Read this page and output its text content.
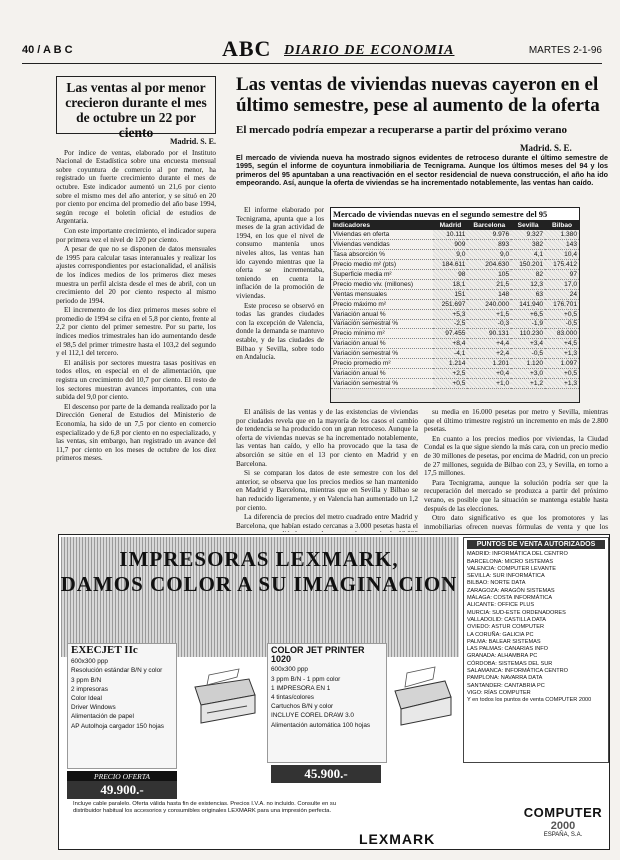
40 / A B C	ABC DIARIO DE ECONOMIA	MARTES 2-1-96
Las ventas al por menor crecieron durante el mes de octubre un 22 por ciento
Madrid. S. E.

Por índice de ventas, elaborado por el Instituto Nacional de Estadística sobre una encuesta mensual sobre coyuntura de comercio al por menor, ha registrado un fuerte crecimiento durante el mes de octubre. Este indicador aumentó un 21,6 por ciento sobre el mismo mes del año anterior, y se situó en 20 por ciento por encima del promedio del año base 1994, según recoge el boletín oficial de estudios de Argentaria.

Con este importante crecimiento, el indicador supera por primera vez el nivel de 120 por ciento.

A pesar de que no se disponen de datos mensuales de 1995 para calcular tasas interanuales y realizar los ajustes correspondientes por estacionalidad, el análisis de los índices medios de los primeros diez meses muestra un perfil alcista desde el mes de abril, con un crecimiento del 20 por ciento respecto al mismo periodo de 1994.

El incremento de los diez primeros meses sobre el promedio de 1994 se cifra en el 5,8 por ciento, frente al 2,2 por ciento del primer semestre. Por su parte, los índices medios trimestrales han ido aumentando desde el 98,5 del primer trimestre hasta el 103,2 del segundo y el 112,1 del tercero.

El análisis por sectores muestra tasas positivas en todos ellos, en especial en el de alimentación, que registra un crecimiento del 10,7 por ciento. El resto de los sectores muestran avances importantes, con una subida del 9,0 por ciento.

El descenso por parte de la demanda realizado por la Dirección General de Estudios del Ministerio de Economía, ha sido de un 7,5 por ciento en comercio especializado y de 6,8 por ciento en no especializado, y las ventas, sin embargo, han registrado un avance del 11,7 por ciento en los meses de octubre de los diez primeros meses.

Las ventas de viviendas nuevas cayeron en el último semestre, pese al aumento de la oferta
El mercado podría empezar a recuperarse a partir del próximo verano
Madrid. S. E.
El mercado de vivienda nueva ha mostrado signos evidentes de retroceso durante el último semestre de 1995, según el informe de coyuntura inmobiliaria de Tecnigrama. Aunque los últimos meses del 94 y los primeros del 95 apuntaban a una reactivación en el sector residencial de nueva construcción, el año ha ido empeorando. Así, aunque la oferta de viviendas se ha incrementado notablemente, las ventas han caído.

El informe elaborado por Tecnigrama, apunta que a los meses de la gran actividad de 1994, en los que el nivel de consumo mantenía unos niveles altos, las ventas han ido cayendo mientras que la oferta se incrementaba, teniendo en cuenta la inflación de la promoción de viviendas.

Este proceso se observó en todas las grandes ciudades con la excepción de Valencia, donde la demanda se mantuvo estable, y de las ciudades de Bilbao y Sevilla, sobre todo en Andalucía.

Mercado de viviendas nuevas en el segundo semestre del 95
Indicadores	Madrid	Barcelona	Sevilla	Bilbao
Viviendas en oferta	10.111	9.976	9.327	1.380
Viviendas vendidas	909	893	382	143
Tasa absorción %	9,0	9,0	4,1	10,4
Precio medio m² (pts)	184.611	204.630	150.201	175.412
Superficie media m²	98	105	82	97
Precio medio viv. (millones)	18,1	21,5	12,3	17,0
Ventas mensuales	151	148	63	24
Precio máximo m²	251.697	240.000	141.940	176.701
Variación anual %	+5,3	+1,5	+6,5	+0,5
Variación semestral %	-2,5	-0,3	-1,9	-0,5
Precio mínimo m²	97.455	90.131	110.230	83.000
Variación anual %	+8,4	+4,4	+3,4	+4,5
Variación semestral %	-4,1	+2,4	-0,5	+1,3
Precio promedio m²	1.214	1.201	1.120	1.097
Variación anual %	+2,5	+0,4	+3,0	+0,5
Variación semestral %	+0,5	+1,0	+1,2	+1,3

El análisis de las ventas y de las existencias de viviendas por ciudades revela que en la mayoría de los casos el cambio de tendencia se ha producido con un gran retroceso. Aunque la oferta de viviendas nuevas se ha incrementado notablemente, las ventas han caído, y ello ha provocado que la tasa de absorción se sitúe en el 13 por ciento en Madrid y en Barcelona.

Si se comparan los datos de este semestre con los del anterior, se observa que los precios medios se han mantenido en Madrid y Barcelona, mientras que en Sevilla y Bilbao se han reducido ligeramente, y en Valencia han aumentado un 1,2 por ciento.

La diferencia de precios del metro cuadrado entre Madrid y Barcelona, que habían estado cercanas a 3.000 pesetas hasta el

su media en 16.000 pesetas por metro y Sevilla, mientras que el último trimestre registró un incremento en más de 2.800 pesetas.

En cuanto a los precios medios por viviendas, la Ciudad Condal es la que sigue siendo la más cara, con un precio medio de 30 millones de pesetas, por encima de Madrid, con un precio de 27 millones, seguida de Bilbao con 23, y Sevilla, en torno a 17,5 millones.

Para Tecnigrama, aunque la solución podría ser que la recuperación del mercado se produzca a partir del próximo verano, es posible que la situación se mantenga estable hasta después de las elecciones.

Otro dato significativo es que los promotores y las inmobiliarias ofrecen nuevas fórmulas de venta y que los

IMPRESORAS LEXMARK,
DAMOS COLOR A SU IMAGINACION
EXECJET IIc
600x300 ppp
Resolución estándar B/N y color
3 ppm B/N
2 impresoras
Color Ideal
Driver Windows
Alimentación de papel
AP Autolhoja cargador 150 hojas
PRECIO OFERTA
49.900.-
COLOR JET PRINTER 1020
600x300 ppp
3 ppm B/N - 1 ppm color
1 IMPRESORA EN 1
4 tintas/colores
Cartuchos B/N y color
INCLUYE COREL DRAW 3.0
Alimentación automática 100 hojas
45.900.-
Incluye cable paralelo. Oferta válida hasta fin de existencias. Precios I.V.A. no incluido. Consulte en su distribuidor habitual los accesorios y consumibles originales LEXMARK para una impresión perfecta.
LEXMARK
PUNTOS DE VENTA AUTORIZADOS
MADRID: INFORMÁTICA DEL CENTRO
BARCELONA: MICRO SISTEMAS
VALENCIA: COMPUTER LEVANTE
SEVILLA: SUR INFORMÁTICA
BILBAO: NORTE DATA
ZARAGOZA: ARAGÓN SISTEMAS
MÁLAGA: COSTA INFORMÁTICA
ALICANTE: OFFICE PLUS
MURCIA: SUD-ESTE ORDENADORES
VALLADOLID: CASTILLA DATA
OVIEDO: ASTUR COMPUTER
LA CORUÑA: GALICIA PC
PALMA: BALEAR SISTEMAS
LAS PALMAS: CANARIAS INFO
GRANADA: ALHAMBRA PC
CÓRDOBA: SISTEMAS DEL SUR
SALAMANCA: INFORMÁTICA CENTRO
PAMPLONA: NAVARRA DATA
SANTANDER: CANTABRIA PC
VIGO: RÍAS COMPUTER
Y en todos los puntos de venta COMPUTER 2000
COMPUTER
2000
ESPAÑA, S.A.
